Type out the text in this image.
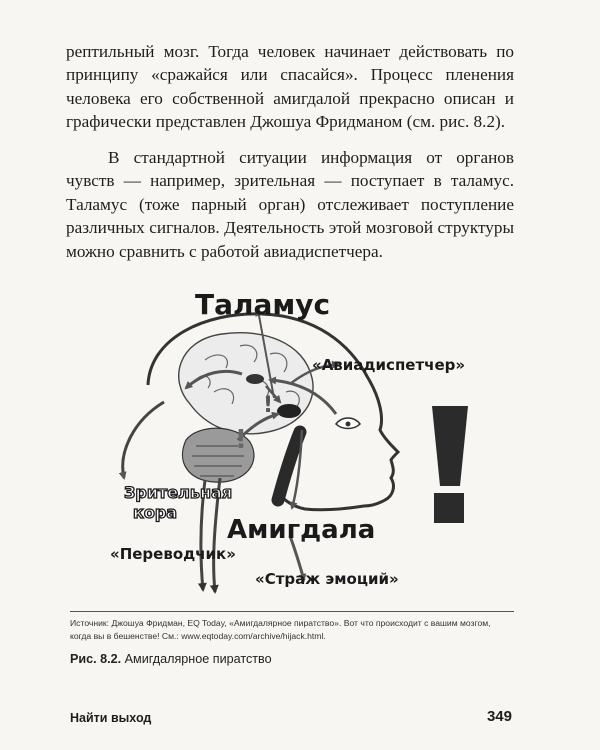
рептильный мозг. Тогда человек начинает действовать по принципу «сражайся или спасайся». Процесс пленения человека его собственной амигдалой прекрасно описан и графически представлен Джошуа Фридманом (см. рис. 8.2).

В стандартной ситуации информация от органов чувств — например, зрительная — поступает в таламус. Таламус (тоже парный орган) отслеживает поступление различных сигналов. Деятельность этой мозговой структуры можно сравнить с работой авиадиспетчера.

!
!
Таламус
«Авиадиспетчер»
Зрительная
кора
Амигдала
«Переводчик»
«Страж эмоций»

Источник: Джошуа Фридман, EQ Today, «Амигдалярное пиратство». Вот что происходит с вашим мозгом, когда вы в бешенстве! См.: www.eqtoday.com/archive/hijack.html.

Рис. 8.2. Амигдалярное пиратство

Найти выход	349
